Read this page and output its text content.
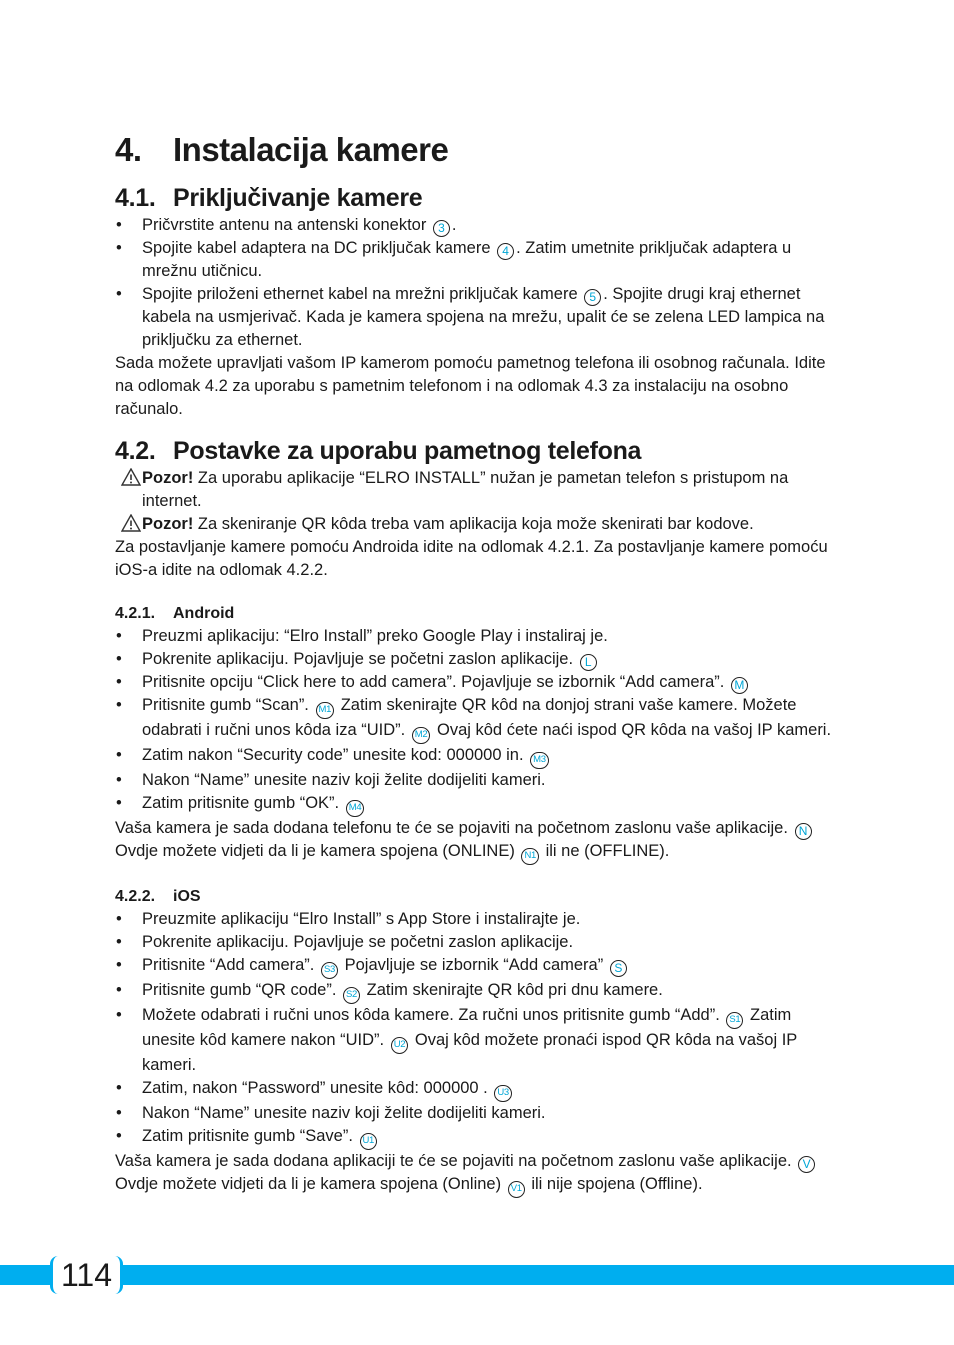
4. Instalacija kamere
4.1. Priključivanje kamere
• Pričvrstite antenu na antenski konektor 3 .
• Spojite kabel adaptera na DC priključak kamere 4 . Zatim umetnite priključak adaptera u mrežnu utičnicu.
• Spojite priloženi ethernet kabel na mrežni priključak kamere 5 . Spojite drugi kraj ethernet kabela na usmjerivač. Kada je kamera spojena na mrežu, upalit će se zelena LED lampica na priključku za ethernet.

Sada možete upravljati vašom IP kamerom pomoću pametnog telefona ili osobnog računala. Idite na odlomak 4.2 za uporabu s pametnim telefonom i na odlomak 4.3 za instalaciju na osobno računalo.

4.2. Postavke za uporabu pametnog telefona

Pozor! Za uporabu aplikacije “ELRO INSTALL” nužan je pametan telefon s pristupom na internet.

Pozor! Za skeniranje QR kôda treba vam aplikacija koja može skenirati bar kodove.

Za postavljanje kamere pomoću Androida idite na odlomak 4.2.1. Za postavljanje kamere pomoću iOS-a idite na odlomak 4.2.2.

4.2.1. Android
• Preuzmi aplikaciju: “Elro Install” preko Google Play i instaliraj je.
• Pokrenite aplikaciju. Pojavljuje se početni zaslon aplikacije. L
• Pritisnite opciju “Click here to add camera”. Pojavljuje se izbornik “Add camera”. M
• Pritisnite gumb “Scan”. M1 Zatim skenirajte QR kôd na donjoj strani vaše kamere. Možete odabrati i ručni unos kôda iza “UID”. M2 Ovaj kôd ćete naći ispod QR kôda na vašoj IP kameri.
• Zatim nakon “Security code” unesite kod: 000000 in. M3
• Nakon “Name” unesite naziv koji želite dodijeliti kameri.
• Zatim pritisnite gumb “OK”. M4

Vaša kamera je sada dodana telefonu te će se pojaviti na početnom zaslonu vaše aplikacije. N Ovdje možete vidjeti da li je kamera spojena (ONLINE) N1 ili ne (OFFLINE).

4.2.2. iOS
• Preuzmite aplikaciju “Elro Install” s App Store i instalirajte je.
• Pokrenite aplikaciju. Pojavljuje se početni zaslon aplikacije.
• Pritisnite “Add camera”. S3 Pojavljuje se izbornik “Add camera” S
• Pritisnite gumb “QR code”. S2 Zatim skenirajte QR kôd pri dnu kamere.
• Možete odabrati i ručni unos kôda kamere. Za ručni unos pritisnite gumb “Add”. S1 Zatim unesite kôd kamere nakon “UID”. U2 Ovaj kôd možete pronaći ispod QR kôda na vašoj IP kameri.
• Zatim, nakon “Password” unesite kôd: 000000 . U3
• Nakon “Name” unesite naziv koji želite dodijeliti kameri.
• Zatim pritisnite gumb “Save”. U1

Vaša kamera je sada dodana aplikaciji te će se pojaviti na početnom zaslonu vaše aplikacije. V Ovdje možete vidjeti da li je kamera spojena (Online) V1 ili nije spojena (Offline).

114
